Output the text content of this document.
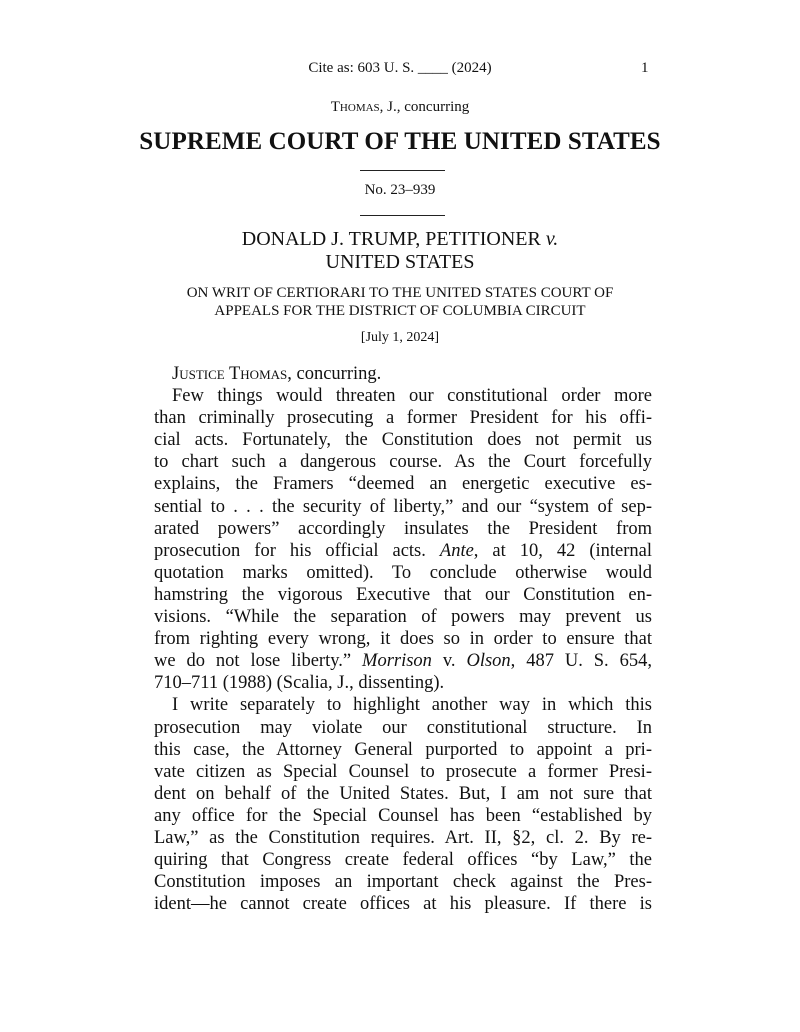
Cite as: 603 U. S. ____ (2024)	1
Thomas, J., concurring
SUPREME COURT OF THE UNITED STATES
No. 23–939
DONALD J. TRUMP, PETITIONER v.
UNITED STATES
ON WRIT OF CERTIORARI TO THE UNITED STATES COURT OF
APPEALS FOR THE DISTRICT OF COLUMBIA CIRCUIT
[July 1, 2024]
Justice Thomas, concurring.
Few things would threaten our constitutional order more
than criminally prosecuting a former President for his offi-
cial acts. Fortunately, the Constitution does not permit us
to chart such a dangerous course. As the Court forcefully
explains, the Framers “deemed an energetic executive es-
sential to . . . the security of liberty,” and our “system of sep-
arated powers” accordingly insulates the President from
prosecution for his official acts. Ante, at 10, 42 (internal
quotation marks omitted). To conclude otherwise would
hamstring the vigorous Executive that our Constitution en-
visions. “While the separation of powers may prevent us
from righting every wrong, it does so in order to ensure that
we do not lose liberty.” Morrison v. Olson, 487 U. S. 654,
710–711 (1988) (Scalia, J., dissenting).
I write separately to highlight another way in which this
prosecution may violate our constitutional structure. In
this case, the Attorney General purported to appoint a pri-
vate citizen as Special Counsel to prosecute a former Presi-
dent on behalf of the United States. But, I am not sure that
any office for the Special Counsel has been “established by
Law,” as the Constitution requires. Art. II, §2, cl. 2. By re-
quiring that Congress create federal offices “by Law,” the
Constitution imposes an important check against the Pres-
ident—he cannot create offices at his pleasure. If there is
